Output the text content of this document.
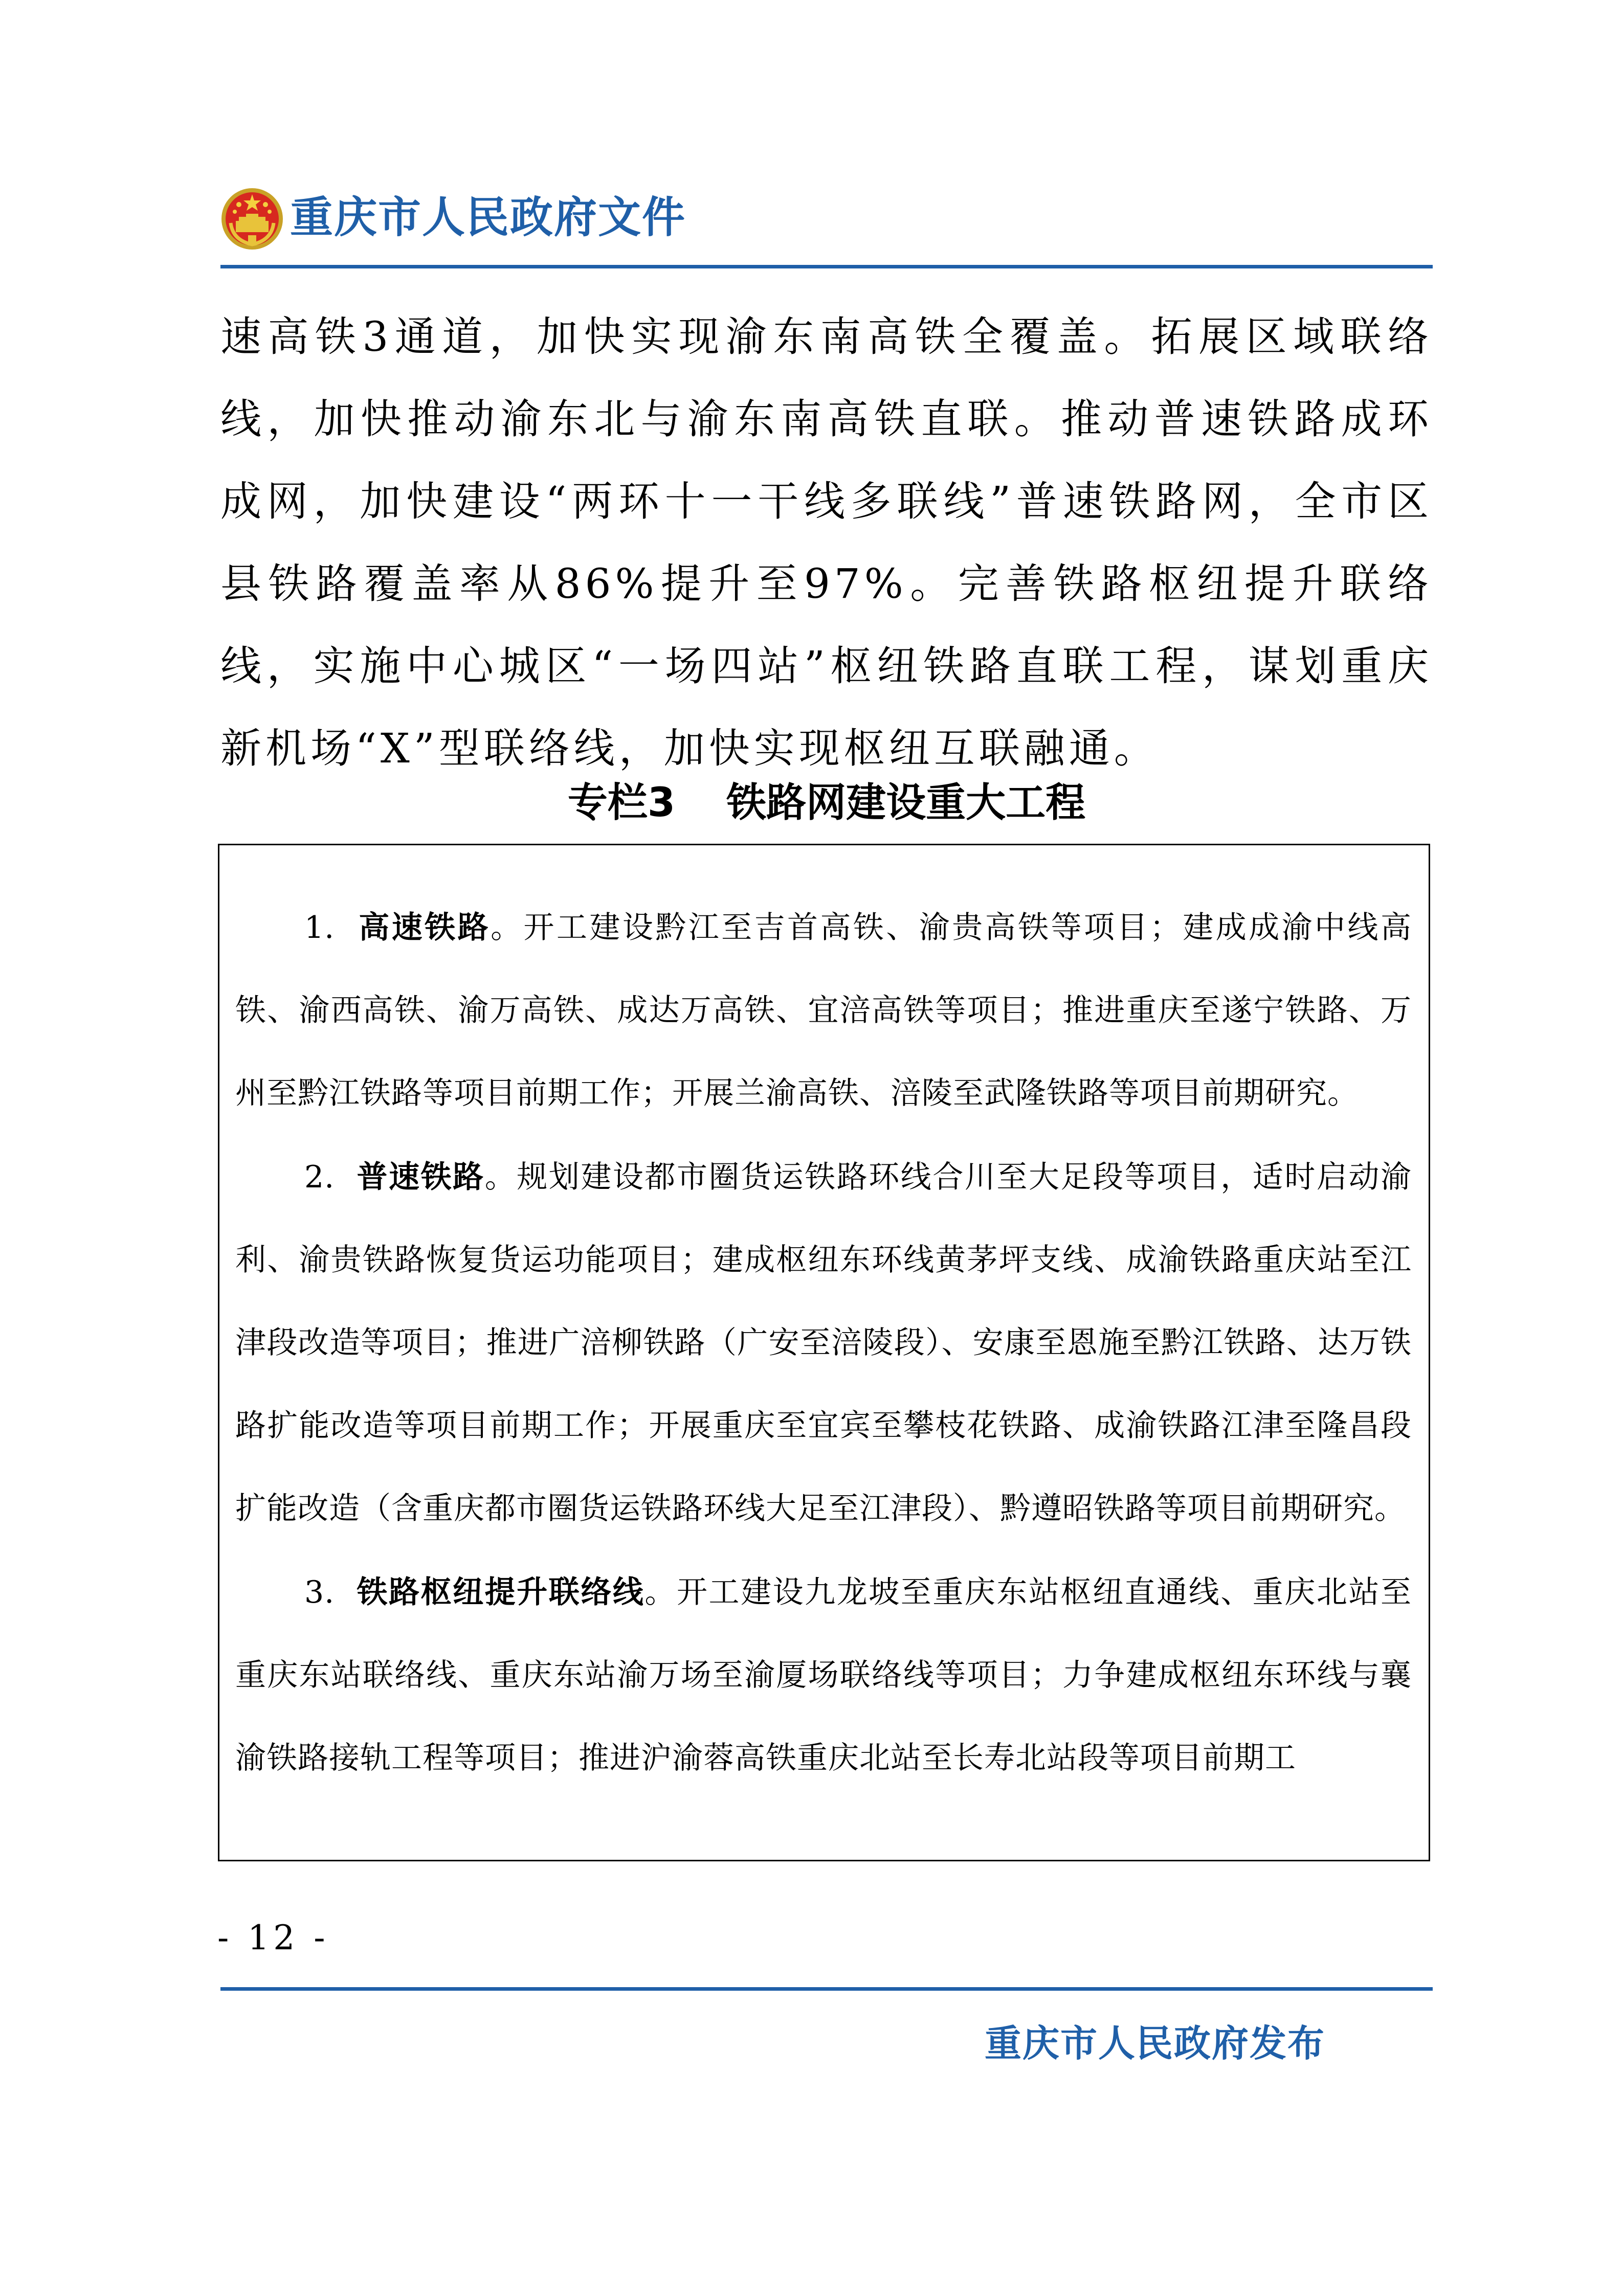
重庆市人民政府文件

速高铁3通道，加快实现渝东南高铁全覆盖。拓展区域联络线，加快推动渝东北与渝东南高铁直联。推动普速铁路成环成网，加快建设“两环十一干线多联线”普速铁路网，全市区县铁路覆盖率从86%提升至97%。完善铁路枢纽提升联络线，实施中心城区“一场四站”枢纽铁路直联工程，谋划重庆新机场“X”型联络线，加快实现枢纽互联融通。

专栏3 铁路网建设重大工程

1. 高速铁路。开工建设黔江至吉首高铁、渝贵高铁等项目；建成成渝中线高铁、渝西高铁、渝万高铁、成达万高铁、宜涪高铁等项目；推进重庆至遂宁铁路、万州至黔江铁路等项目前期工作；开展兰渝高铁、涪陵至武隆铁路等项目前期研究。

2. 普速铁路。规划建设都市圈货运铁路环线合川至大足段等项目，适时启动渝利、渝贵铁路恢复货运功能项目；建成枢纽东环线黄茅坪支线、成渝铁路重庆站至江津段改造等项目；推进广涪柳铁路（广安至涪陵段）、安康至恩施至黔江铁路、达万铁路扩能改造等项目前期工作；开展重庆至宜宾至攀枝花铁路、成渝铁路江津至隆昌段扩能改造（含重庆都市圈货运铁路环线大足至江津段）、黔遵昭铁路等项目前期研究。

3. 铁路枢纽提升联络线。开工建设九龙坡至重庆东站枢纽直通线、重庆北站至重庆东站联络线、重庆东站渝万场至渝厦场联络线等项目；力争建成枢纽东环线与襄渝铁路接轨工程等项目；推进沪渝蓉高铁重庆北站至长寿北站段等项目前期工

- 12 -
重庆市人民政府发布
